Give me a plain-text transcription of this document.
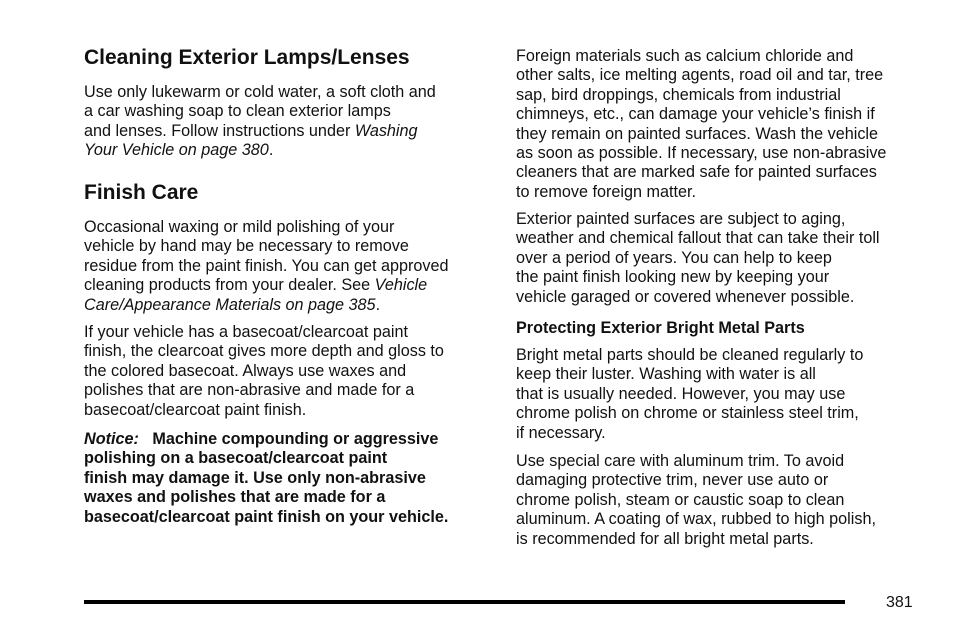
Cleaning Exterior Lamps/Lenses

Use only lukewarm or cold water, a soft cloth and
a car washing soap to clean exterior lamps
and lenses. Follow instructions under Washing
Your Vehicle on page 380.

Finish Care

Occasional waxing or mild polishing of your
vehicle by hand may be necessary to remove
residue from the paint finish. You can get approved
cleaning products from your dealer. See Vehicle
Care/Appearance Materials on page 385.

If your vehicle has a basecoat/clearcoat paint
finish, the clearcoat gives more depth and gloss to
the colored basecoat. Always use waxes and
polishes that are non-abrasive and made for a
basecoat/clearcoat paint finish.

Notice: Machine compounding or aggressive
polishing on a basecoat/clearcoat paint
finish may damage it. Use only non-abrasive
waxes and polishes that are made for a
basecoat/clearcoat paint finish on your vehicle.

Foreign materials such as calcium chloride and
other salts, ice melting agents, road oil and tar, tree
sap, bird droppings, chemicals from industrial
chimneys, etc., can damage your vehicle’s finish if
they remain on painted surfaces. Wash the vehicle
as soon as possible. If necessary, use non-abrasive
cleaners that are marked safe for painted surfaces
to remove foreign matter.

Exterior painted surfaces are subject to aging,
weather and chemical fallout that can take their toll
over a period of years. You can help to keep
the paint finish looking new by keeping your
vehicle garaged or covered whenever possible.

Protecting Exterior Bright Metal Parts

Bright metal parts should be cleaned regularly to
keep their luster. Washing with water is all
that is usually needed. However, you may use
chrome polish on chrome or stainless steel trim,
if necessary.

Use special care with aluminum trim. To avoid
damaging protective trim, never use auto or
chrome polish, steam or caustic soap to clean
aluminum. A coating of wax, rubbed to high polish,
is recommended for all bright metal parts.

381
